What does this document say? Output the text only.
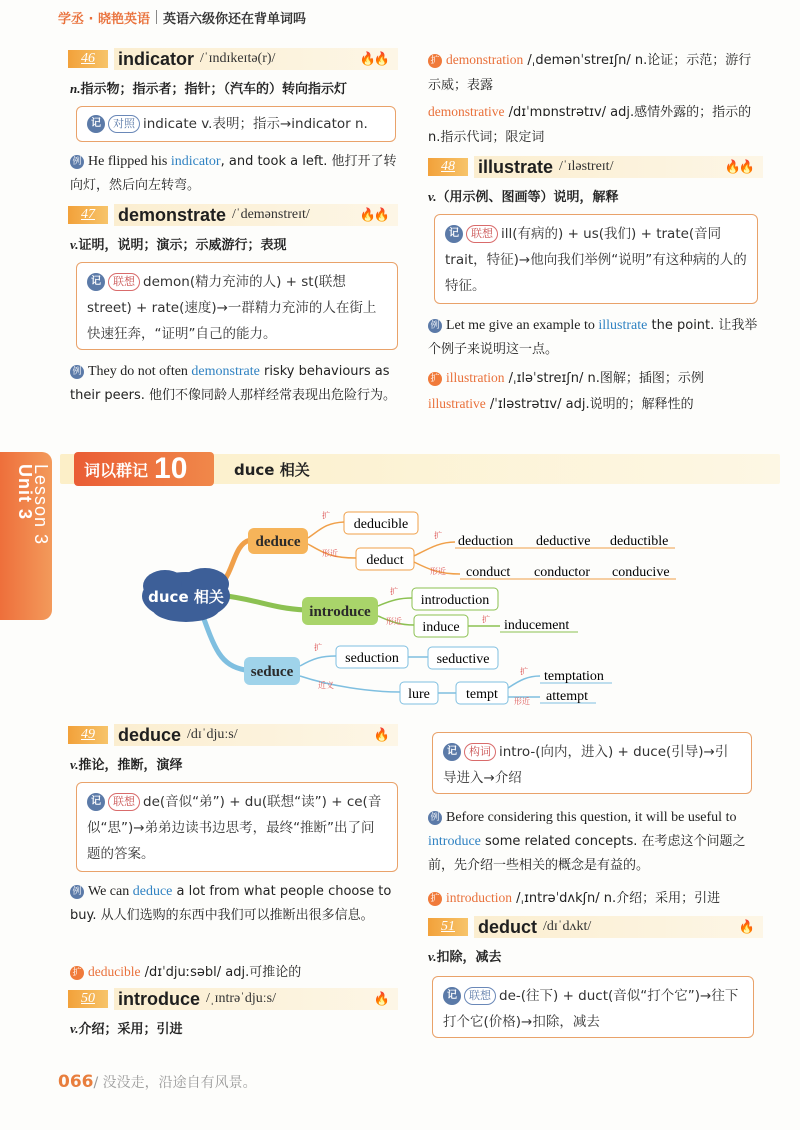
学丞 · 晓艳英语 英语六级你还在背单词吗
46	indicator /ˈɪndɪkeɪtə(r)/	🔥🔥
n.指示物；指示者；指针；（汽车的）转向指示灯
记 对照 indicate v.表明；指示→indicator n.
例 He flipped his indicator, and took a left. 他打开了转向灯，然后向左转弯。
47	demonstrate /ˈdemənstreɪt/	🔥🔥
v.证明，说明；演示；示威游行；表现
记 联想 demon(精力充沛的人) + st(联想street) + rate(速度)→一群精力充沛的人在街上快速狂奔，“证明”自己的能力。
例 They do not often demonstrate risky behaviours as their peers. 他们不像同龄人那样经常表现出危险行为。
扩 demonstration /ˌdemənˈstreɪʃn/ n.论证；示范；游行示威；表露
demonstrative /dɪˈmɒnstrətɪv/ adj.感情外露的；指示的 n.指示代词；限定词
48	illustrate /ˈɪləstreɪt/	🔥🔥
v.（用示例、图画等）说明，解释
记 联想 ill(有病的) + us(我们) + trate(音同trait，特征)→他向我们举例“说明”有这种病的人的特征。
例 Let me give an example to illustrate the point. 让我举个例子来说明这一点。
扩 illustration /ˌɪləˈstreɪʃn/ n.图解；插图；示例
illustrative /ˈɪləstrətɪv/ adj.说明的；解释性的
Unit 3
Lesson 3 词以群记 10	duce 相关
duce 相关
deduce
扩
形近
deducible
deduct
扩
形近
deduction deductive deductible
conduct conductor conducive
introduce
扩
形近
introduction
induce
扩 inducement
seduce
扩
近义
seduction	seductive
lure	tempt
扩
形近
temptation
attempt
49	deduce /dɪˈdjuːs/	🔥
v.推论，推断，演绎
记 联想 de(音似“弟”) + du(联想“读”) + ce(音似“思”)→弟弟边读书边思考，最终“推断”出了问题的答案。
例 We can deduce a lot from what people choose to buy. 从人们选购的东西中我们可以推断出很多信息。
扩 deducible /dɪˈdjuːsəbl/ adj.可推论的
50	introduce /ˌɪntrəˈdjuːs/	🔥
v.介绍；采用；引进
记 构词 intro-(向内，进入) + duce(引导)→引导进入→介绍
例 Before considering this question, it will be useful to introduce some related concepts. 在考虑这个问题之前，先介绍一些相关的概念是有益的。
扩 introduction /ˌɪntrəˈdʌkʃn/ n.介绍；采用；引进
51	deduct /dɪˈdʌkt/	🔥
v.扣除，减去
记 联想 de-(往下) + duct(音似“打个它”)→往下打个它(价格)→扣除，减去
066/ 没没走，沿途自有风景。
